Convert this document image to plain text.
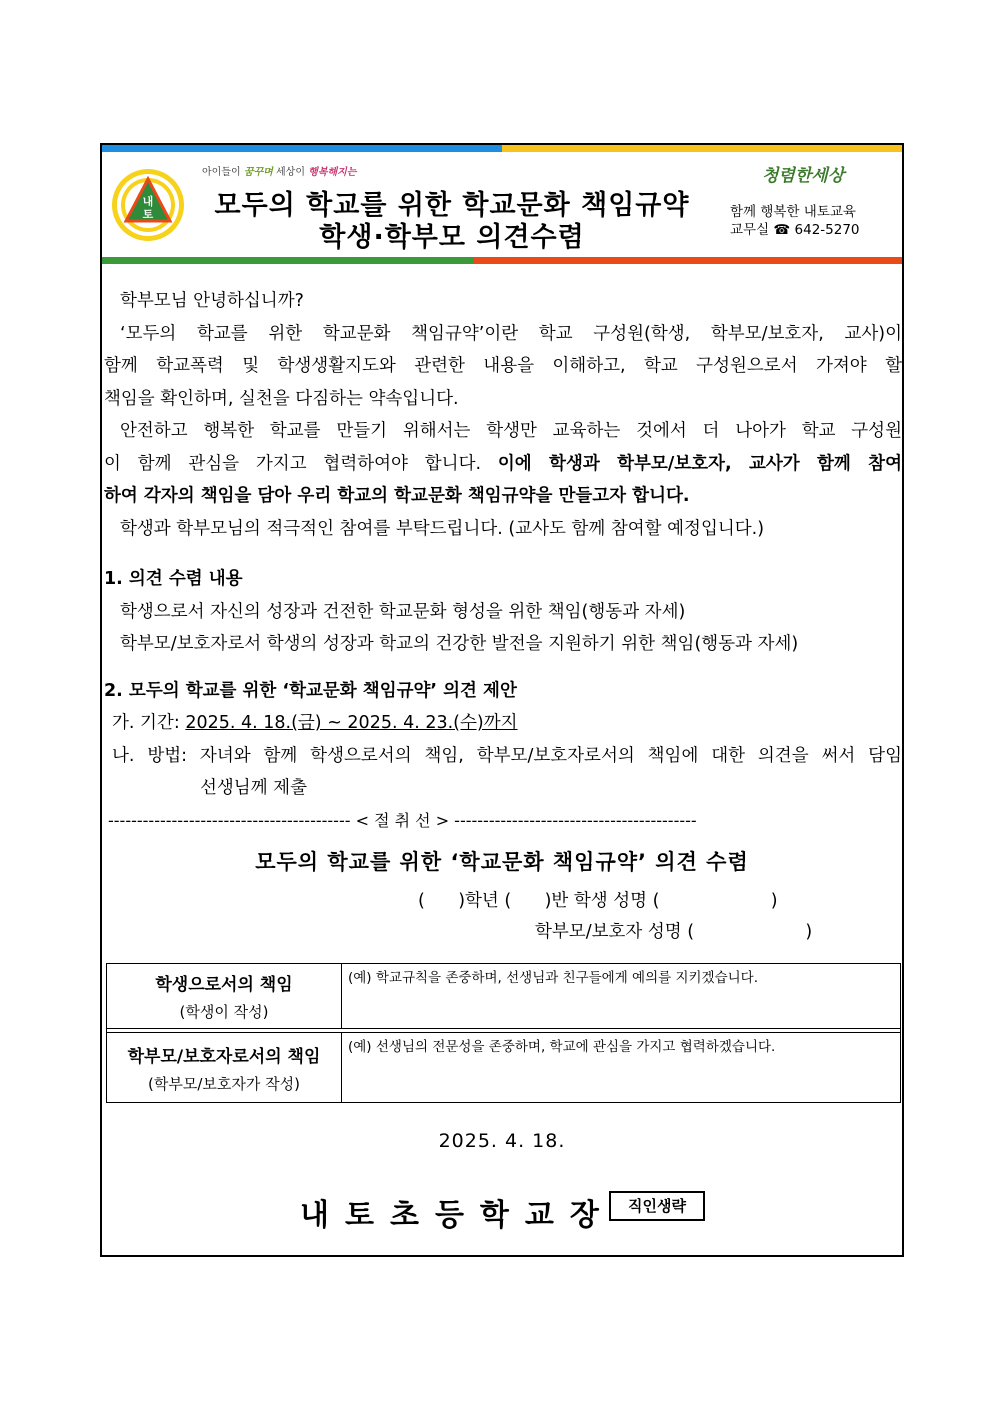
내
토
아이들이 꿈꾸며 세상이 행복해지는
모두의 학교를 위한 학교문화 책임규약
학생·학부모 의견수렴
청렴한세상
함께 행복한 내토교육
교무실 ☎ 642-5270

학부모님 안녕하십니까?

‘모두의 학교를 위한 학교문화 책임규약’이란 학교 구성원(학생, 학부모/보호자, 교사)이

함께 학교폭력 및 학생생활지도와 관련한 내용을 이해하고, 학교 구성원으로서 가져야 할

책임을 확인하며, 실천을 다짐하는 약속입니다.

안전하고 행복한 학교를 만들기 위해서는 학생만 교육하는 것에서 더 나아가 학교 구성원

이 함께 관심을 가지고 협력하여야 합니다. 이에 학생과 학부모/보호자, 교사가 함께 참여

하여 각자의 책임을 담아 우리 학교의 학교문화 책임규약을 만들고자 합니다.

학생과 학부모님의 적극적인 참여를 부탁드립니다. (교사도 함께 참여할 예정입니다.)

1. 의견 수렴 내용

학생으로서 자신의 성장과 건전한 학교문화 형성을 위한 책임(행동과 자세)

학부모/보호자로서 학생의 성장과 학교의 건강한 발전을 지원하기 위한 책임(행동과 자세)

2. 모두의 학교를 위한 ‘학교문화 책임규약’ 의견 제안

가. 기간: 2025. 4. 18.(금) ~ 2025. 4. 23.(수)까지

나. 방법: 자녀와 함께 학생으로서의 책임, 학부모/보호자로서의 책임에 대한 의견을 써서 담임

선생님께 제출

------------------------------------------ < 절 취 선 > ------------------------------------------
모두의 학교를 위한 ‘학교문화 책임규약’ 의견 수렴
(      )학년 (      )반 학생 성명 (                    )
학부모/보호자 성명 (                    )
학생으로서의 책임
(학생이 작성)	(예) 학교규칙을 존중하며, 선생님과 친구들에게 예의를 지키겠습니다.

학부모/보호자로서의 책임
(학부모/보호자가 작성)	(예) 선생님의 전문성을 존중하며, 학교에 관심을 가지고 협력하겠습니다.
2025. 4. 18.
내토초등학교장 직인생략
